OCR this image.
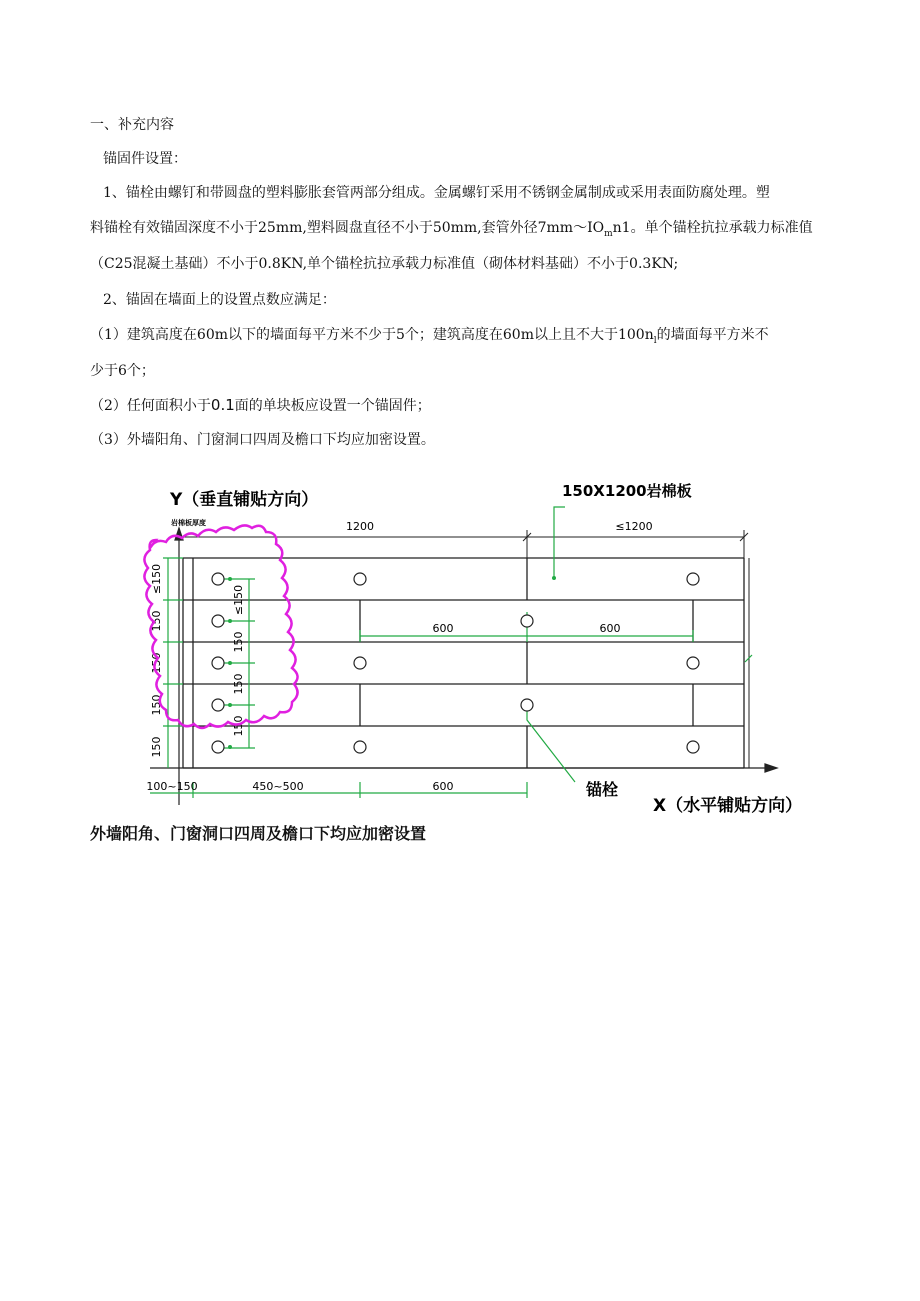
一、补充内容
锚固件设置：
1、锚栓由螺钉和带圆盘的塑料膨胀套管两部分组成。金属螺钉采用不锈钢金属制成或采用表面防腐处理。塑
料锚栓有效锚固深度不小于25mm,塑料圆盘直径不小于50mm,套管外径$7mm\sim IO_mn1$。单个锚栓抗拉承载力标准值
（C25混凝土基础）不小于0.8KN,单个锚栓抗拉承载力标准值（砌体材料基础）不小于0.3KN;
2、锚固在墙面上的设置点数应满足：
（1）建筑高度在60m以下的墙面每平方米不少于5个；建筑高度在60m以上且不大于$100n_l$的墙面每平方米不
少于6个；
（2）任何面积小于0.1面的单块板应设置一个锚固件；
（3）外墙阳角、门窗洞口四周及檐口下均应加密设置。
1200	≤1200
600	600
100~150	450~500	600
≤150
150
150
150
150
≤150
150
150
150
Y（垂直铺贴方向）
X（水平铺贴方向）
150X1200岩棉板
岩棉板厚度
锚栓
外墙阳角、门窗洞口四周及檐口下均应加密设置
